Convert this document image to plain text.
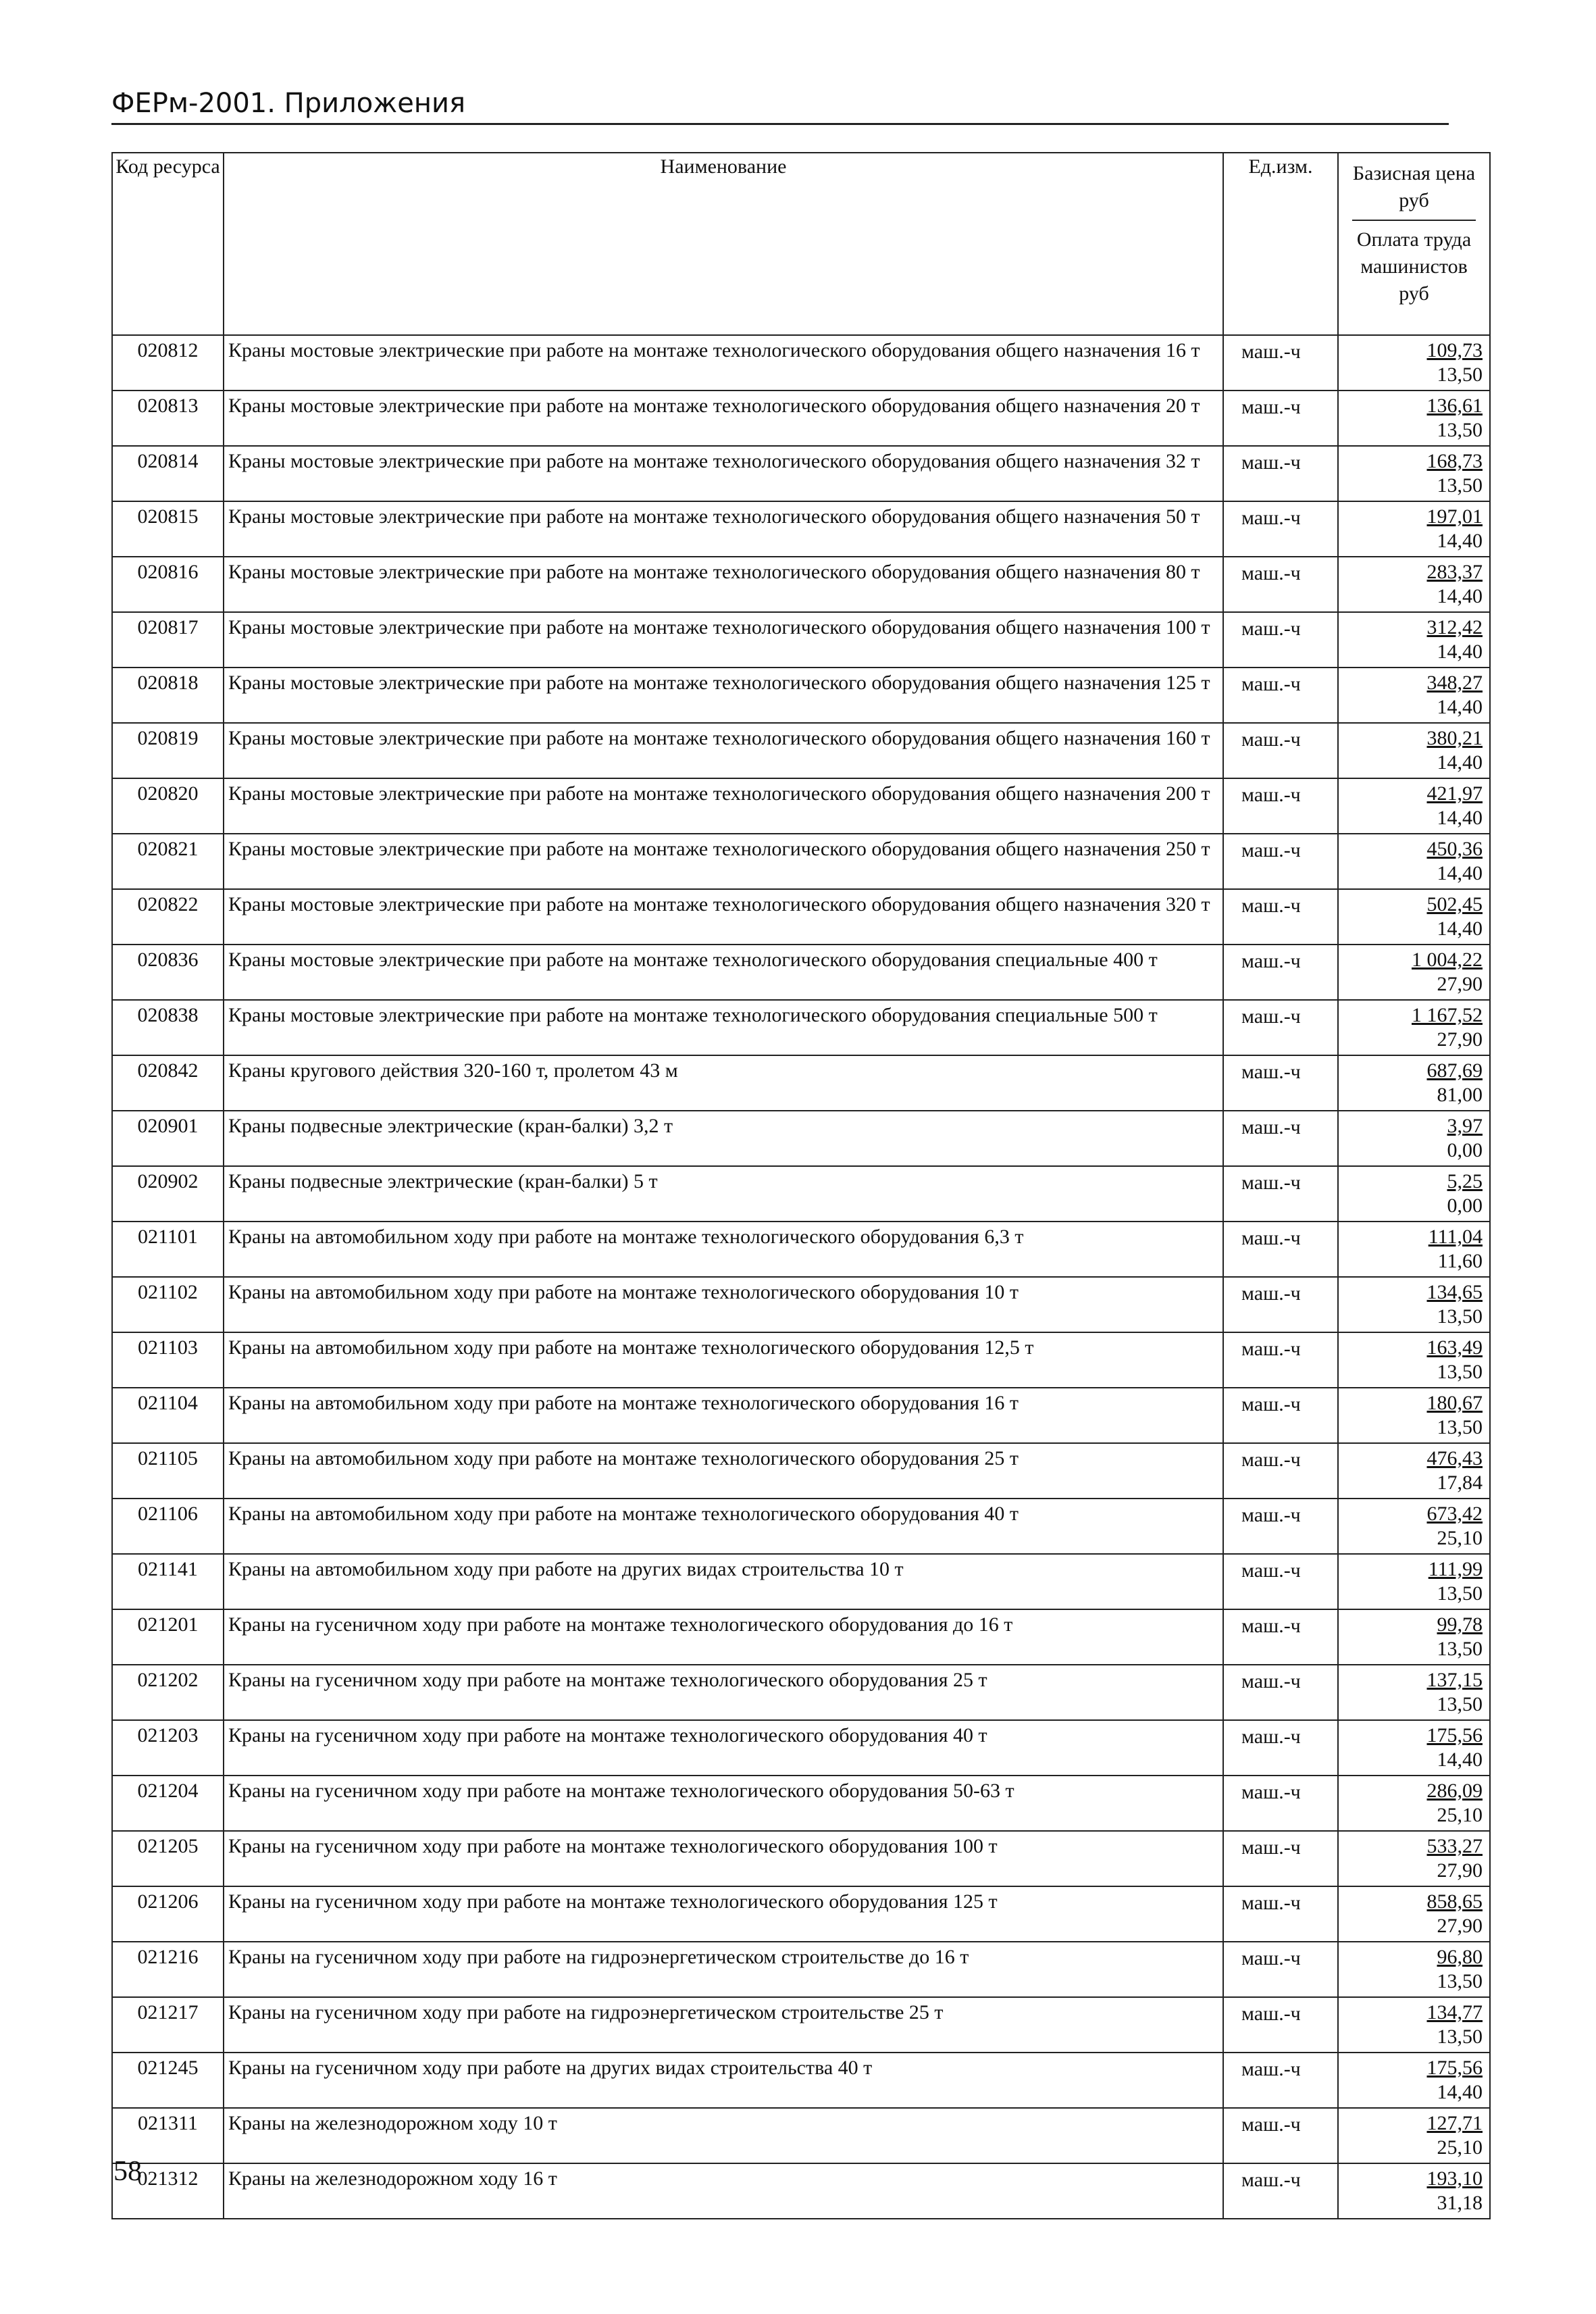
ФЕРм-2001. Приложения
Код ресурса	Наименование	Ед.изм.	Базисная цена руб
Оплата труда машинистов руб

020812	Краны мостовые электрические при работе на монтаже технологического оборудования общего назначения 16 т	маш.-ч	109,73
13,50

020813	Краны мостовые электрические при работе на монтаже технологического оборудования общего назначения 20 т	маш.-ч	136,61
13,50

020814	Краны мостовые электрические при работе на монтаже технологического оборудования общего назначения 32 т	маш.-ч	168,73
13,50

020815	Краны мостовые электрические при работе на монтаже технологического оборудования общего назначения 50 т	маш.-ч	197,01
14,40

020816	Краны мостовые электрические при работе на монтаже технологического оборудования общего назначения 80 т	маш.-ч	283,37
14,40

020817	Краны мостовые электрические при работе на монтаже технологического оборудования общего назначения 100 т	маш.-ч	312,42
14,40

020818	Краны мостовые электрические при работе на монтаже технологического оборудования общего назначения 125 т	маш.-ч	348,27
14,40

020819	Краны мостовые электрические при работе на монтаже технологического оборудования общего назначения 160 т	маш.-ч	380,21
14,40

020820	Краны мостовые электрические при работе на монтаже технологического оборудования общего назначения 200 т	маш.-ч	421,97
14,40

020821	Краны мостовые электрические при работе на монтаже технологического оборудования общего назначения 250 т	маш.-ч	450,36
14,40

020822	Краны мостовые электрические при работе на монтаже технологического оборудования общего назначения 320 т	маш.-ч	502,45
14,40

020836	Краны мостовые электрические при работе на монтаже технологического оборудования специальные 400 т	маш.-ч	1 004,22
27,90

020838	Краны мостовые электрические при работе на монтаже технологического оборудования специальные 500 т	маш.-ч	1 167,52
27,90

020842	Краны кругового действия 320-160 т, пролетом 43 м	маш.-ч	687,69
81,00

020901	Краны подвесные электрические (кран-балки) 3,2 т	маш.-ч	3,97
0,00

020902	Краны подвесные электрические (кран-балки) 5 т	маш.-ч	5,25
0,00

021101	Краны на автомобильном ходу при работе на монтаже технологического оборудования 6,3 т	маш.-ч	111,04
11,60

021102	Краны на автомобильном ходу при работе на монтаже технологического оборудования 10 т	маш.-ч	134,65
13,50

021103	Краны на автомобильном ходу при работе на монтаже технологического оборудования 12,5 т	маш.-ч	163,49
13,50

021104	Краны на автомобильном ходу при работе на монтаже технологического оборудования 16 т	маш.-ч	180,67
13,50

021105	Краны на автомобильном ходу при работе на монтаже технологического оборудования 25 т	маш.-ч	476,43
17,84

021106	Краны на автомобильном ходу при работе на монтаже технологического оборудования 40 т	маш.-ч	673,42
25,10

021141	Краны на автомобильном ходу при работе на других видах строительства 10 т	маш.-ч	111,99
13,50

021201	Краны на гусеничном ходу при работе на монтаже технологического оборудования до 16 т	маш.-ч	99,78
13,50

021202	Краны на гусеничном ходу при работе на монтаже технологического оборудования 25 т	маш.-ч	137,15
13,50

021203	Краны на гусеничном ходу при работе на монтаже технологического оборудования 40 т	маш.-ч	175,56
14,40

021204	Краны на гусеничном ходу при работе на монтаже технологического оборудования 50-63 т	маш.-ч	286,09
25,10

021205	Краны на гусеничном ходу при работе на монтаже технологического оборудования 100 т	маш.-ч	533,27
27,90

021206	Краны на гусеничном ходу при работе на монтаже технологического оборудования 125 т	маш.-ч	858,65
27,90

021216	Краны на гусеничном ходу при работе на гидроэнергетическом строительстве до 16 т	маш.-ч	96,80
13,50

021217	Краны на гусеничном ходу при работе на гидроэнергетическом строительстве 25 т	маш.-ч	134,77
13,50

021245	Краны на гусеничном ходу при работе на других видах строительства 40 т	маш.-ч	175,56
14,40

021311	Краны на железнодорожном ходу 10 т	маш.-ч	127,71
25,10

021312	Краны на железнодорожном ходу 16 т	маш.-ч	193,10
31,18
58
